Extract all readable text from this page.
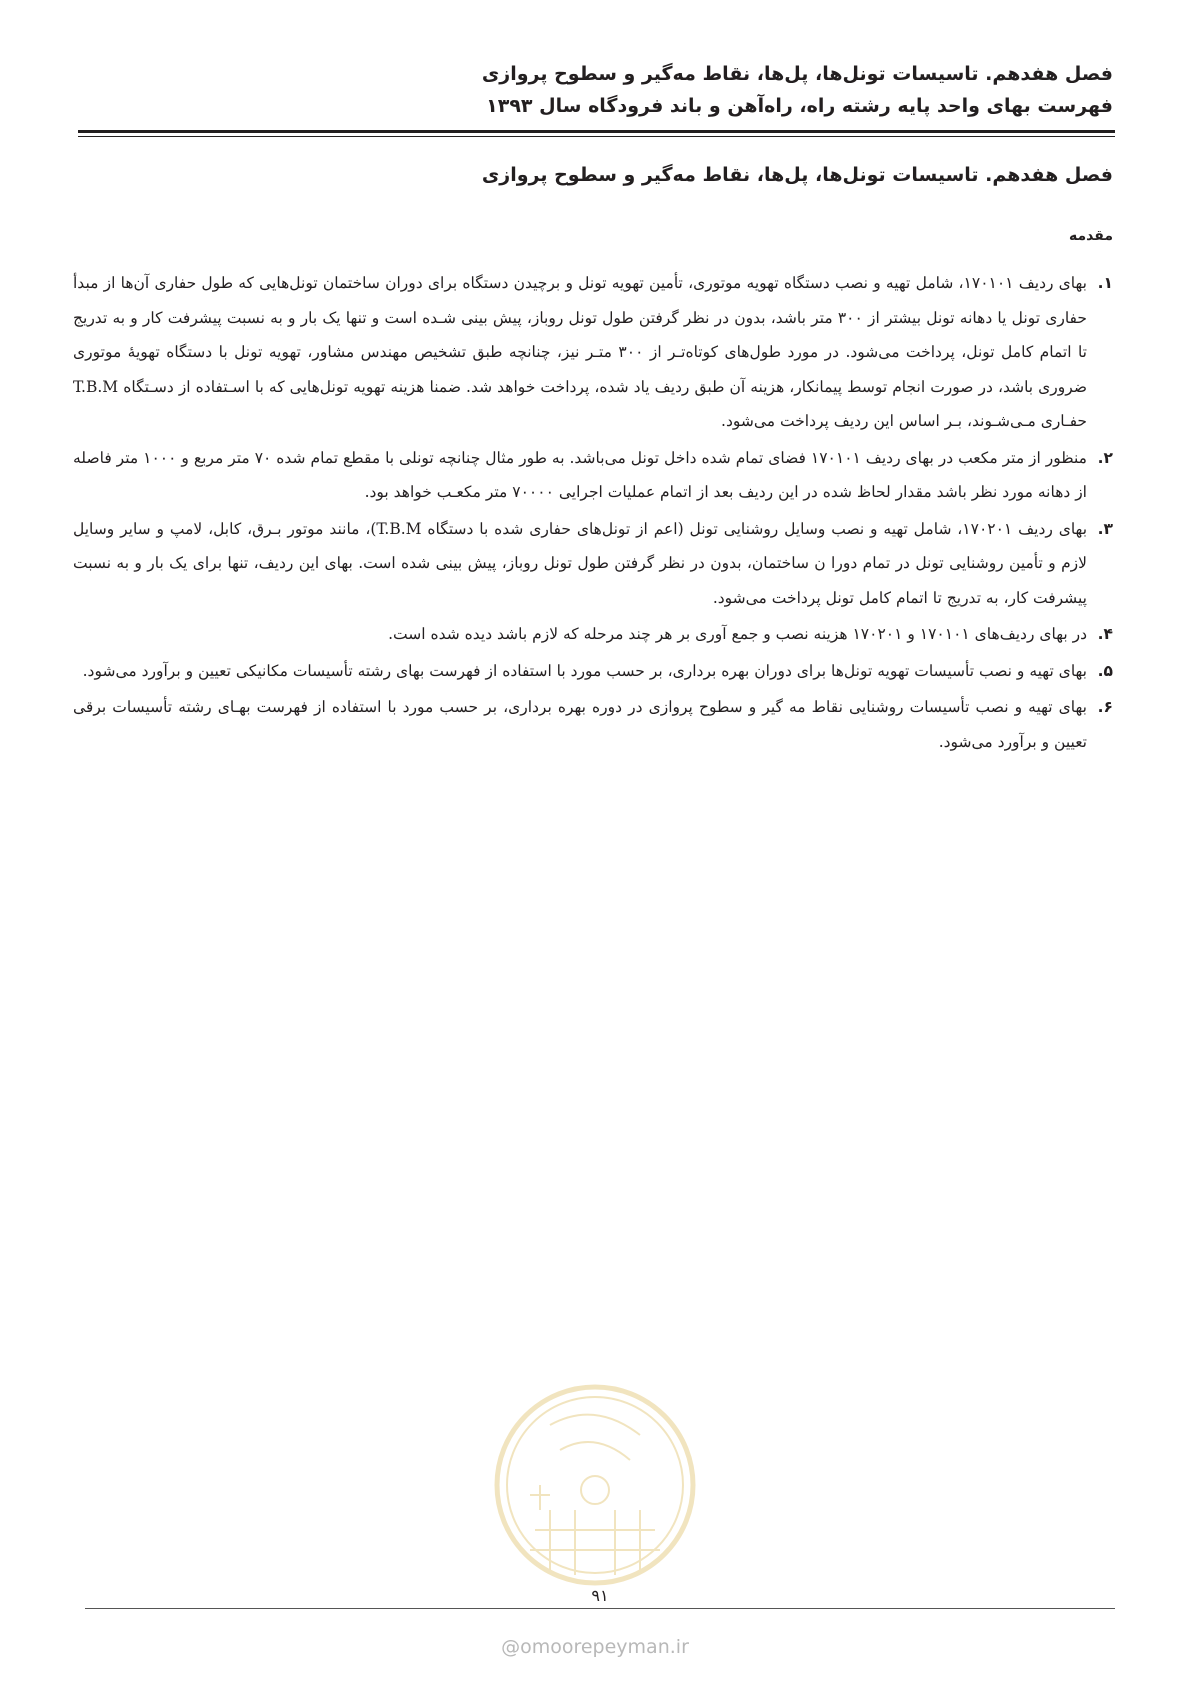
فصل هفدهم. تاسیسات تونل‌ها، پل‌ها، نقاط مه‌گیر و سطوح پروازی
فهرست بهای واحد پایه رشته راه، راه‌آهن و باند فرودگاه سال ۱۳۹۳
فصل هفدهم. تاسیسات تونل‌ها، پل‌ها، نقاط مه‌گیر و سطوح پروازی
مقدمه
۱.
بهای ردیف ۱۷۰۱۰۱، شامل تهیه و نصب دستگاه تهویه موتوری، تأمین تهویه تونل و برچیدن دستگاه برای دوران ساختمان تونل‌هایی که طول حفاری آن‌ها از مبدأ حفاری تونل یا دهانه تونل بیشتر از ۳۰۰ متر باشد، بدون در نظر گرفتن طول تونل روباز، پیش بینی شـده است و تنها یک بار و به نسبت پیشرفت کار و به تدریج تا اتمام کامل تونل، پرداخت می‌شود. در مورد طول‌های کوتاه‌تـر از ۳۰۰ متـر نیز، چنانچه طبق تشخیص مهندس مشاور، تهویه تونل با دستگاه تهویهٔ موتوری ضروری باشد، در صورت انجام توسط پیمانکار، هزینه آن طبق ردیف یاد شده، پرداخت خواهد شد. ضمنا هزینه تهویه تونل‌هایی که با اسـتفاده از دسـتگاه T.B.M حفـاری مـی‌شـوند، بـر اساس این ردیف پرداخت می‌شود.
۲.
منظور از متر مکعب در بهای ردیف ۱۷۰۱۰۱ فضای تمام شده داخل تونل می‌باشد. به طور مثال چنانچه تونلی با مقطع تمام شده ۷۰ متر مربع و ۱۰۰۰ متر فاصله از دهانه مورد نظر باشد مقدار لحاظ شده در این ردیف بعد از اتمام عملیات اجرایی ۷۰۰۰۰ متر مکعـب خواهد بود.
۳.
بهای ردیف ۱۷۰۲۰۱، شامل تهیه و نصب وسایل روشنایی تونل (اعم از تونل‌های حفاری شده با دستگاه T.B.M)، مانند موتور بـرق، کابل، لامپ و سایر وسایل لازم و تأمین روشنایی تونل در تمام دورا ن ساختمان، بدون در نظر گرفتن طول تونل روباز، پیش بینی شده است. بهای این ردیف، تنها برای یک بار و به نسبت پیشرفت کار، به تدریج تا اتمام کامل تونل پرداخت می‌شود.
۴.
در بهای ردیف‌های ۱۷۰۱۰۱ و ۱۷۰۲۰۱ هزینه نصب و جمع آوری بر هر چند مرحله که لازم باشد دیده شده است.
۵.
بهای تهیه و نصب تأسیسات تهویه تونل‌ها برای دوران بهره برداری، بر حسب مورد با استفاده از فهرست بهای رشته تأسیسات مکانیکی تعیین و برآورد می‌شود.
۶.
بهای تهیه و نصب تأسیسات روشنایی نقاط مه گیر و سطوح پروازی در دوره بهره برداری، بر حسب مورد با استفاده از فهرست بهـای رشته تأسیسات برقی تعیین و برآورد می‌شود.
۹۱
@omoorepeyman.ir
